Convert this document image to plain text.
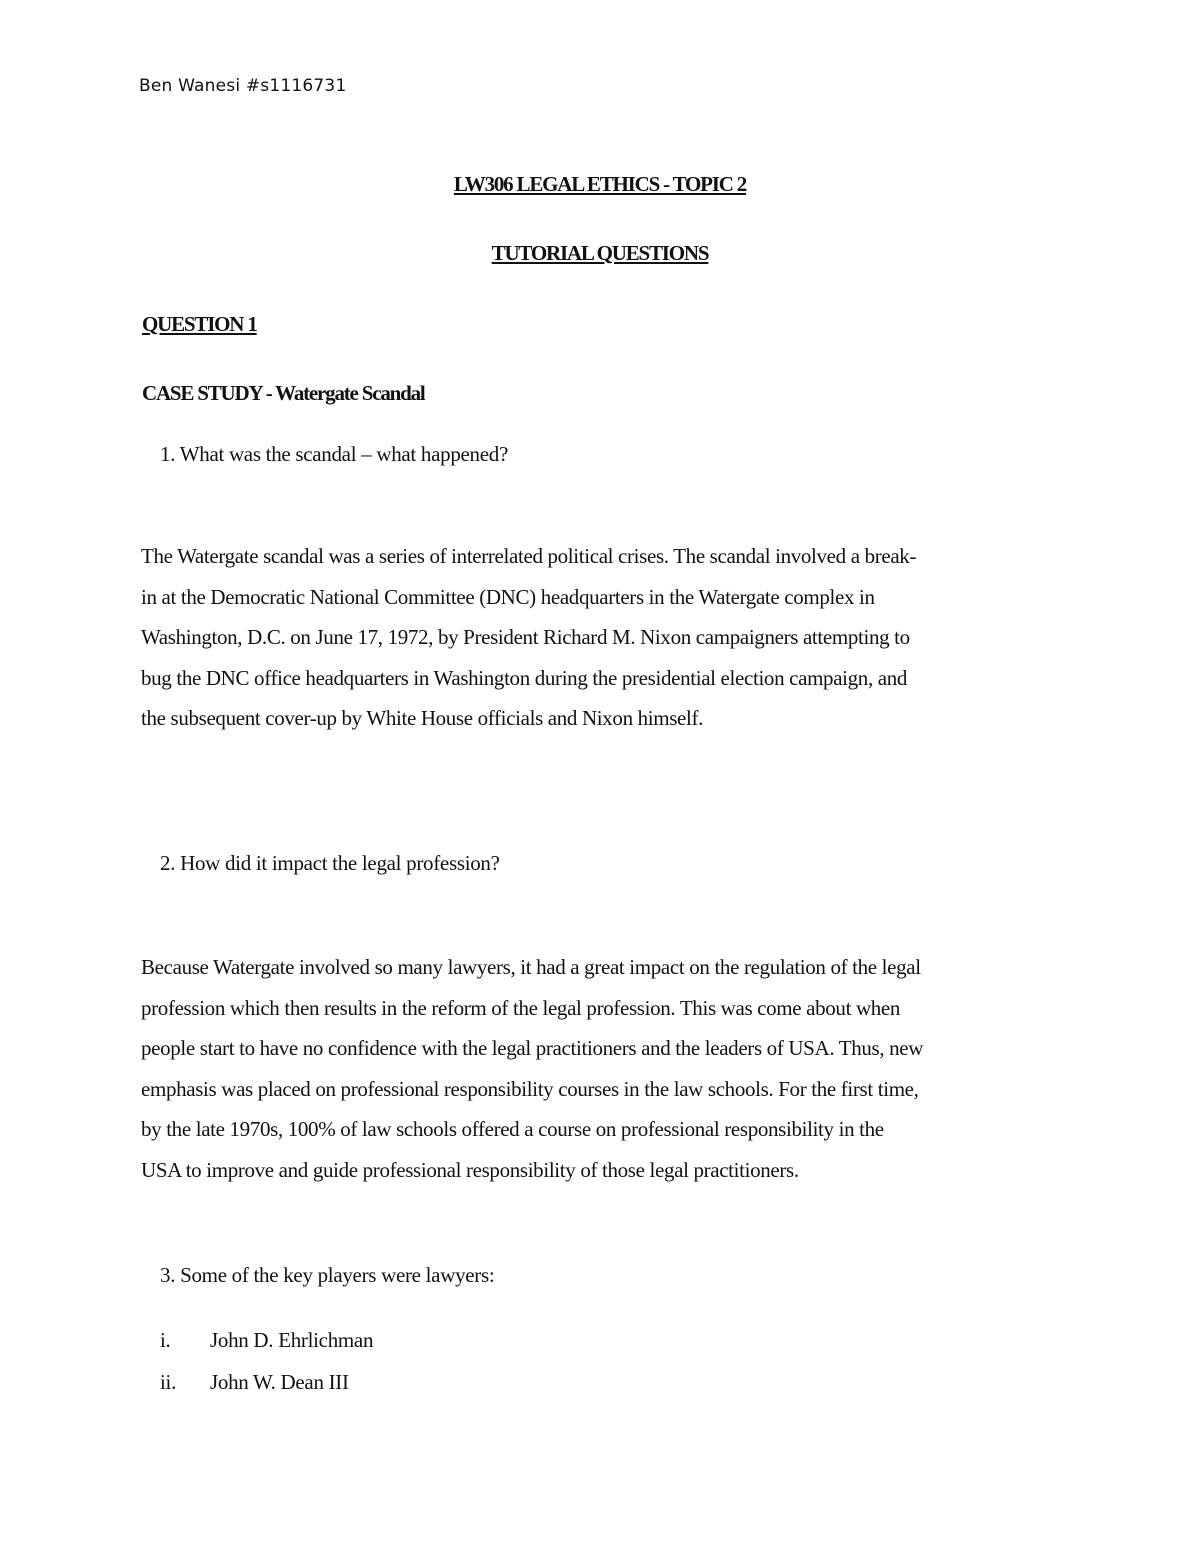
Ben Wanesi #s1116731
LW306 LEGAL ETHICS - TOPIC 2
TUTORIAL QUESTIONS
QUESTION 1
CASE STUDY - Watergate Scandal
1. What was the scandal – what happened?

The Watergate scandal was a series of interrelated political crises. The scandal involved a break-
in at the Democratic National Committee (DNC) headquarters in the Watergate complex in
Washington, D.C. on June 17, 1972, by President Richard M. Nixon campaigners attempting to
bug the DNC office headquarters in Washington during the presidential election campaign, and
the subsequent cover-up by White House officials and Nixon himself.

2. How did it impact the legal profession?

Because Watergate involved so many lawyers, it had a great impact on the regulation of the legal
profession which then results in the reform of the legal profession. This was come about when
people start to have no confidence with the legal practitioners and the leaders of USA. Thus, new
emphasis was placed on professional responsibility courses in the law schools. For the first time,
by the late 1970s, 100% of law schools offered a course on professional responsibility in the
USA to improve and guide professional responsibility of those legal practitioners.

3. Some of the key players were lawyers:
i. John D. Ehrlichman
ii. John W. Dean III
